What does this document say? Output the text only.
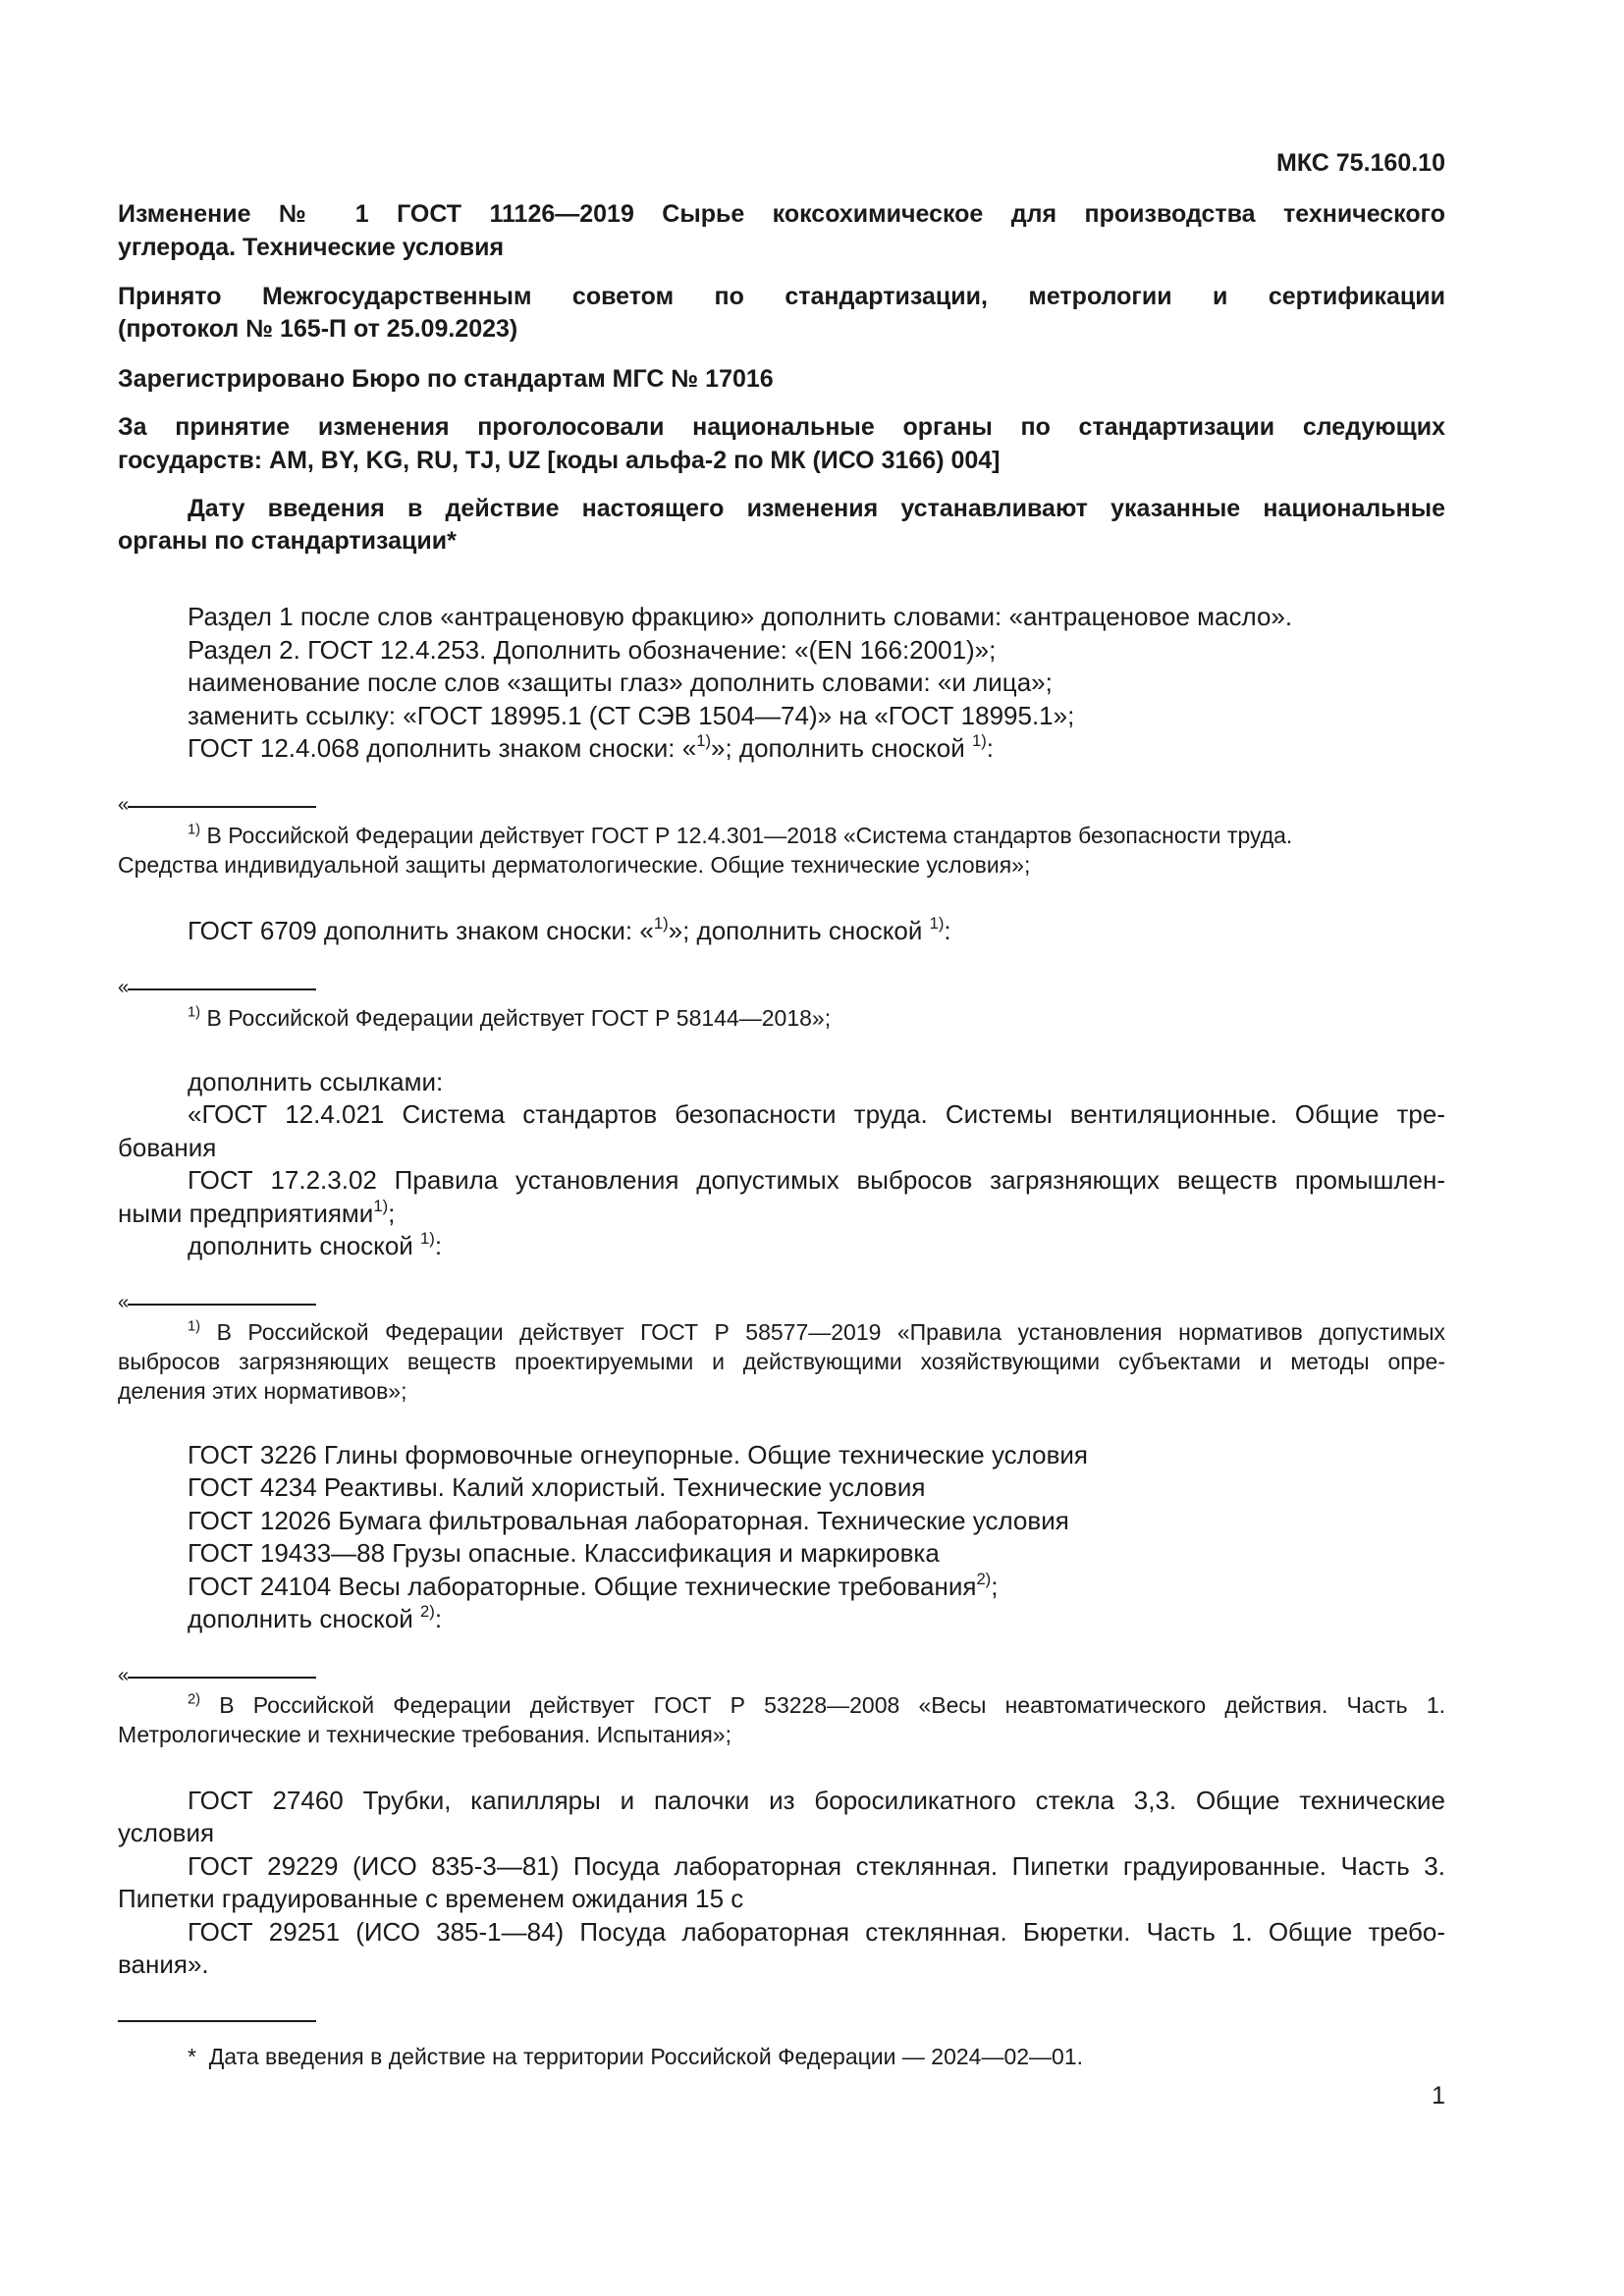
МКС 75.160.10
Изменение № 1 ГОСТ 11126—2019 Сырье коксохимическое для производства технического
углерода. Технические условия
Принято Межгосударственным советом по стандартизации, метрологии и сертификации
(протокол № 165-П от 25.09.2023)
Зарегистрировано Бюро по стандартам МГС № 17016
За принятие изменения проголосовали национальные органы по стандартизации следующих
государств: AM, BY, KG, RU, TJ, UZ [коды альфа-2 по МК (ИСО 3166) 004]
Дату введения в действие настоящего изменения устанавливают указанные национальные
органы по стандартизации*
Раздел 1 после слов «антраценовую фракцию» дополнить словами: «антраценовое масло».
Раздел 2. ГОСТ 12.4.253. Дополнить обозначение: «(EN 166:2001)»;
наименование после слов «защиты глаз» дополнить словами: «и лица»;
заменить ссылку: «ГОСТ 18995.1 (СТ СЭВ 1504—74)» на «ГОСТ 18995.1»;
ГОСТ 12.4.068 дополнить знаком сноски: «$^{1)}$»; дополнить сноской $^{1)}$:
«
$^{1)}$ В Российской Федерации действует ГОСТ Р 12.4.301—2018 «Система стандартов безопасности труда.
Средства индивидуальной защиты дерматологические. Общие технические условия»;
ГОСТ 6709 дополнить знаком сноски: «$^{1)}$»; дополнить сноской $^{1)}$:
«
$^{1)}$ В Российской Федерации действует ГОСТ Р 58144—2018»;
дополнить ссылками:
«ГОСТ 12.4.021 Система стандартов безопасности труда. Системы вентиляционные. Общие тре-
бования
ГОСТ 17.2.3.02 Правила установления допустимых выбросов загрязняющих веществ промышлен-
ными предприятиями$^{1)}$;
дополнить сноской $^{1)}$:
«
$^{1)}$ В Российской Федерации действует ГОСТ Р 58577—2019 «Правила установления нормативов допустимых
выбросов загрязняющих веществ проектируемыми и действующими хозяйствующими субъектами и методы опре-
деления этих нормативов»;
ГОСТ 3226 Глины формовочные огнеупорные. Общие технические условия
ГОСТ 4234 Реактивы. Калий хлористый. Технические условия
ГОСТ 12026 Бумага фильтровальная лабораторная. Технические условия
ГОСТ 19433—88 Грузы опасные. Классификация и маркировка
ГОСТ 24104 Весы лабораторные. Общие технические требования$^{2)}$;
дополнить сноской $^{2)}$:
«
$^{2)}$ В Российской Федерации действует ГОСТ Р 53228—2008 «Весы неавтоматического действия. Часть 1.
Метрологические и технические требования. Испытания»;
ГОСТ 27460 Трубки, капилляры и палочки из боросиликатного стекла 3,3. Общие технические
условия
ГОСТ 29229 (ИСО 835-3—81) Посуда лабораторная стеклянная. Пипетки градуированные. Часть 3.
Пипетки градуированные с временем ожидания 15 с
ГОСТ 29251 (ИСО 385-1—84) Посуда лабораторная стеклянная. Бюретки. Часть 1. Общие требо-
вания».
* Дата введения в действие на территории Российской Федерации — 2024—02—01.
1
